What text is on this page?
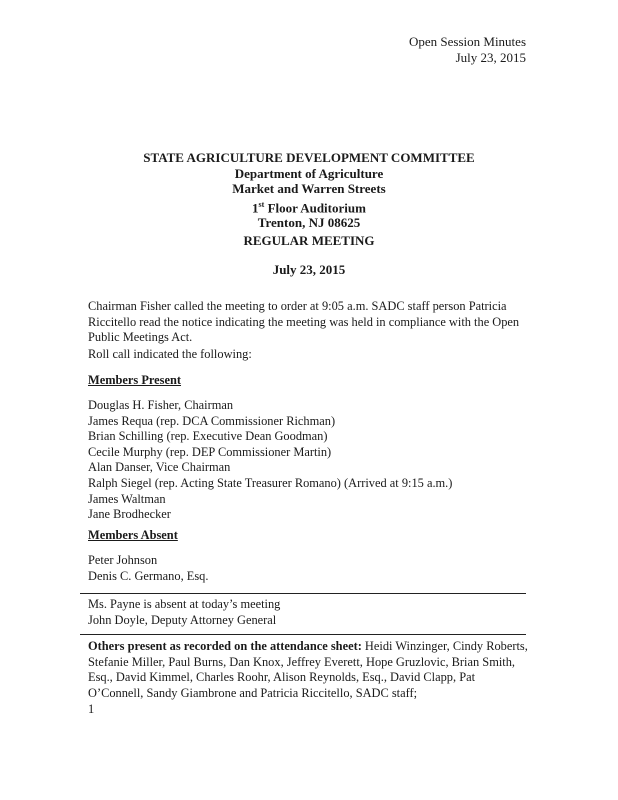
Open Session Minutes
July 23, 2015
STATE AGRICULTURE DEVELOPMENT COMMITTEE
Department of Agriculture
Market and Warren Streets
1st Floor Auditorium
Trenton, NJ 08625
REGULAR MEETING
July 23, 2015
Chairman Fisher called the meeting to order at 9:05 a.m. SADC staff person Patricia Riccitello read the notice indicating the meeting was held in compliance with the Open Public Meetings Act.
Roll call indicated the following:
Members Present
Douglas H. Fisher, Chairman
James Requa (rep. DCA Commissioner Richman)
Brian Schilling (rep. Executive Dean Goodman)
Cecile Murphy (rep. DEP Commissioner Martin)
Alan Danser, Vice Chairman
Ralph Siegel (rep. Acting State Treasurer Romano) (Arrived at 9:15 a.m.)
James Waltman
Jane Brodhecker
Members Absent
Peter Johnson
Denis C. Germano, Esq.
Ms. Payne is absent at today’s meeting
John Doyle, Deputy Attorney General
Others present as recorded on the attendance sheet: Heidi Winzinger, Cindy Roberts, Stefanie Miller, Paul Burns, Dan Knox, Jeffrey Everett, Hope Gruzlovic, Brian Smith, Esq., David Kimmel, Charles Roohr, Alison Reynolds, Esq., David Clapp, Pat O’Connell, Sandy Giambrone and Patricia Riccitello, SADC staff;
1
